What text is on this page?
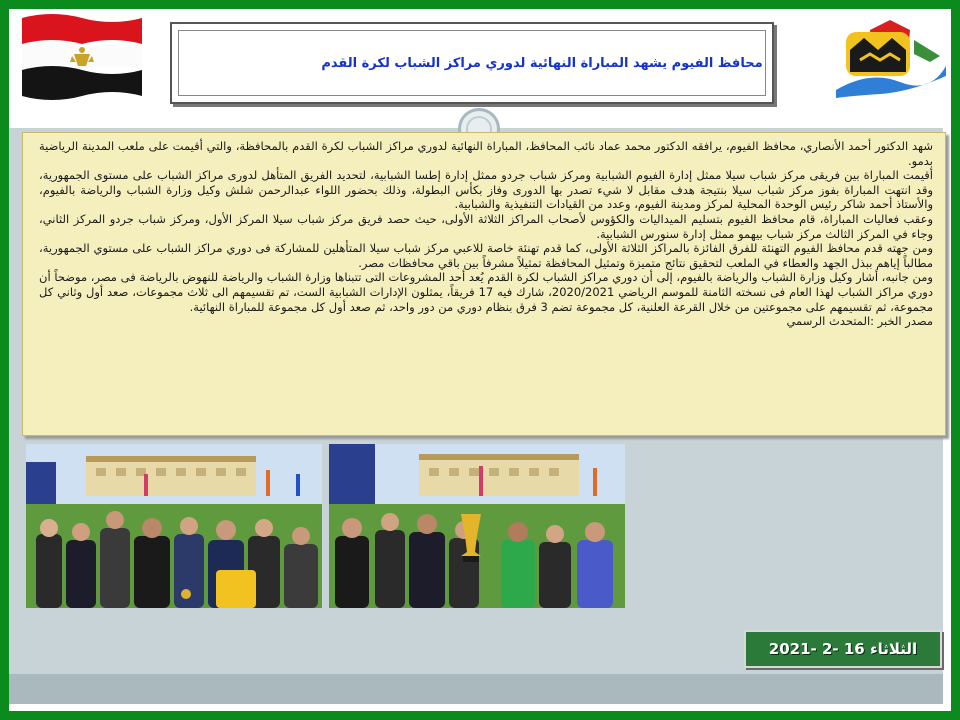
محافظ الفيوم يشهد المباراة النهائية لدوري مراكز الشباب لكرة القدم

شهد الدكتور أحمد الأنصاري، محافظ الفيوم، يرافقه الدكتور محمد عماد نائب المحافظ، المباراة النهائية لدوري مراكز الشباب لكرة القدم بالمحافظة، والتي أقيمت على ملعب المدينة الرياضية بدمو.

أقيمت المباراة بين فريقى مركز شباب سيلا ممثل إدارة الفيوم الشبابية ومركز شباب جردو ممثل إدارة إطسا الشبابية، لتحديد الفريق المتأهل لدورى مراكز الشباب على مستوى الجمهورية، وقد انتهت المباراة بفوز مركز شباب سيلا بنتيجة هدف مقابل لا شيء تصدر بها الدورى وفاز بكأس البطولة، وذلك بحضور اللواء عبدالرحمن شلش وكيل وزارة الشباب والرياضة بالفيوم، والأستاذ أحمد شاكر رئيس الوحدة المحلية لمركز ومدينة الفيوم، وعدد من القيادات التنفيذية والشبابية.

وعقب فعاليات المباراة، قام محافظ الفيوم بتسليم الميداليات والكؤوس لأصحاب المراكز الثلاثة الأولى، حيث حصد فريق مركز شباب سيلا المركز الأول، ومركز شباب جردو المركز الثاني، وجاء في المركز الثالث مركز شباب بيهمو ممثل إدارة سنورس الشبابية.

ومن جهته قدم محافظ الفيوم التهنئة للفرق الفائزة بالمراكز الثلاثة الأولى، كما قدم تهنئة خاصة للاعبي مركز شباب سيلا المتأهلين للمشاركة فى دوري مراكز الشباب على مستوي الجمهورية، مطالباً إياهم ببذل الجهد والعطاء في الملعب لتحقيق نتائج متميزة وتمثيل المحافظة تمثيلاً مشرفاً بين باقي محافظات مصر.

ومن جانبه، أشار وكيل وزارة الشباب والرياضة بالفيوم، إلى أن دوري مراكز الشباب لكرة القدم يُعد أحد المشروعات التى تتبناها وزارة الشباب والرياضة للنهوض بالرياضة فى مصر، موضحاً أن دوري مراكز الشباب لهذا العام فى نسخته الثامنة للموسم الرياضي 2020/2021، شارك فيه 17 فريقاً، يمثلون الإدارات الشبابية الست، تم تقسيمهم الى ثلاث مجموعات، صعد أول وثاني كل مجموعة، ثم تقسيمهم على مجموعتين من خلال القرعة العلنية، كل مجموعة تضم 3 فرق بنظام دوري من دور واحد، ثم صعد أول كل مجموعة للمباراة النهائية.

مصدر الخبر :المتحدث الرسمي

الثلاثاء 16 -2 -2021
